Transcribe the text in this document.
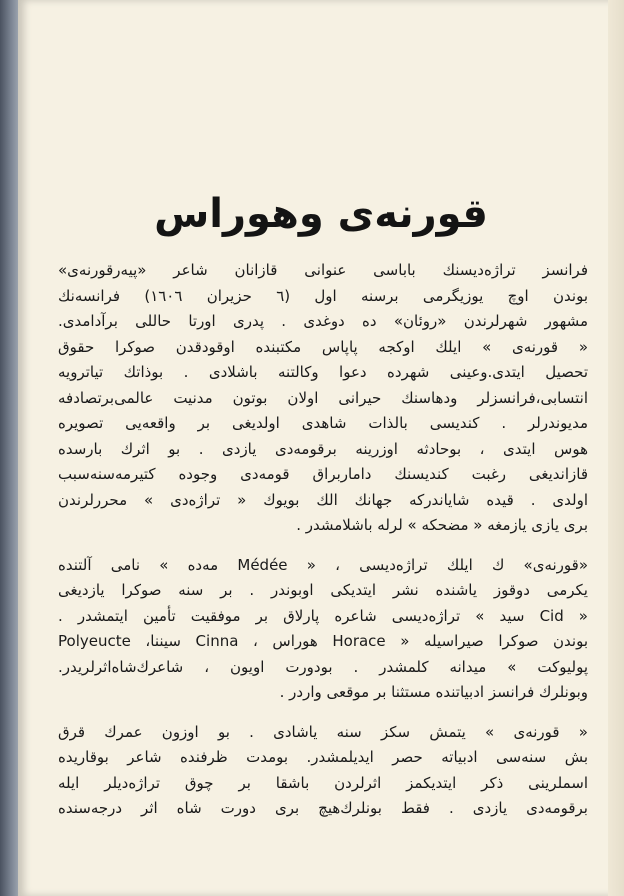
قورنه‌ى وهوراس
فرانسز تراژه‌دیسنك باباسی عنوانی قازانان شاعر «پیه‌رقورنه‌ی»
بوندن اوچ یوزیگرمی برسنه اول (٦ حزیران ١٦٠٦) فرانسه‌نك
مشهور شهرلرندن «روئان» ده دوغدی . پدری اورتا حاللی برآدامدی.
« قورنه‌ی » ایلك اوکجه پاپاس مکتبنده اوقودقدن صوکرا حقوق
تحصیل ایتدی.وعینی شهرده دعوا وکالتنه باشلادی . بوذاتك تیاترویه
انتسابی،فرانسزلر ودهاسنك حیرانی اولان بوتون مدنیت عالمی‌برتصادفه
مدیوندرلر . کندیسی بالذات شاهدی اولدیغی بر واقعه‌یی تصویره
هوس ایتدی ، بوحادثه اوزرینه برقومه‌دی یازدی . بو اثرك بارسده
قازاندیغی رغبت کندیسنك داماربراق قومه‌دی وجوده کتیرمه‌سنه‌سبب
اولدی . قیده شایاندرکه جهانك الك بویوك « تراژه‌دی » محررلرندن
بری یازی یازمغه « مضحکه » لرله باشلامشدر .
«قورنه‌ی» ك ایلك تراژه‌دیسی ، « Médée مه‌ده » نامی آلتنده
یکرمی دوقوز یاشنده نشر ایتدیکی اوبوندر . بر سنه صوکرا یازدیغی
« Cid سید » تراژه‌دیسی شاعره پارلاق بر موفقیت تأمین ایتمشدر .
بوندن صوکرا صیراسیله « Horace هوراس ، Cinna سیننا، Polyeucte
پولیوکت » میدانه کلمشدر . بودورت اویون ، شاعرك‌شاه‌اثرلریدر.
وبونلرك فرانسز ادبیاتنده مستثنا بر موقعی واردر .
« قورنه‌ی » یتمش سکز سنه یاشادی . بو اوزون عمرك قرق
بش سنه‌سی ادبیاته حصر ایدیلمشدر. بومدت ظرفنده شاعر بوقاریده
اسملرینی ذکر ایتدیکمز اثرلردن باشقا بر چوق تراژه‌دیلر ایله
برقومه‌دی یازدی . فقط بونلرك‌هیچ بری دورت شاه اثر درجه‌سنده
